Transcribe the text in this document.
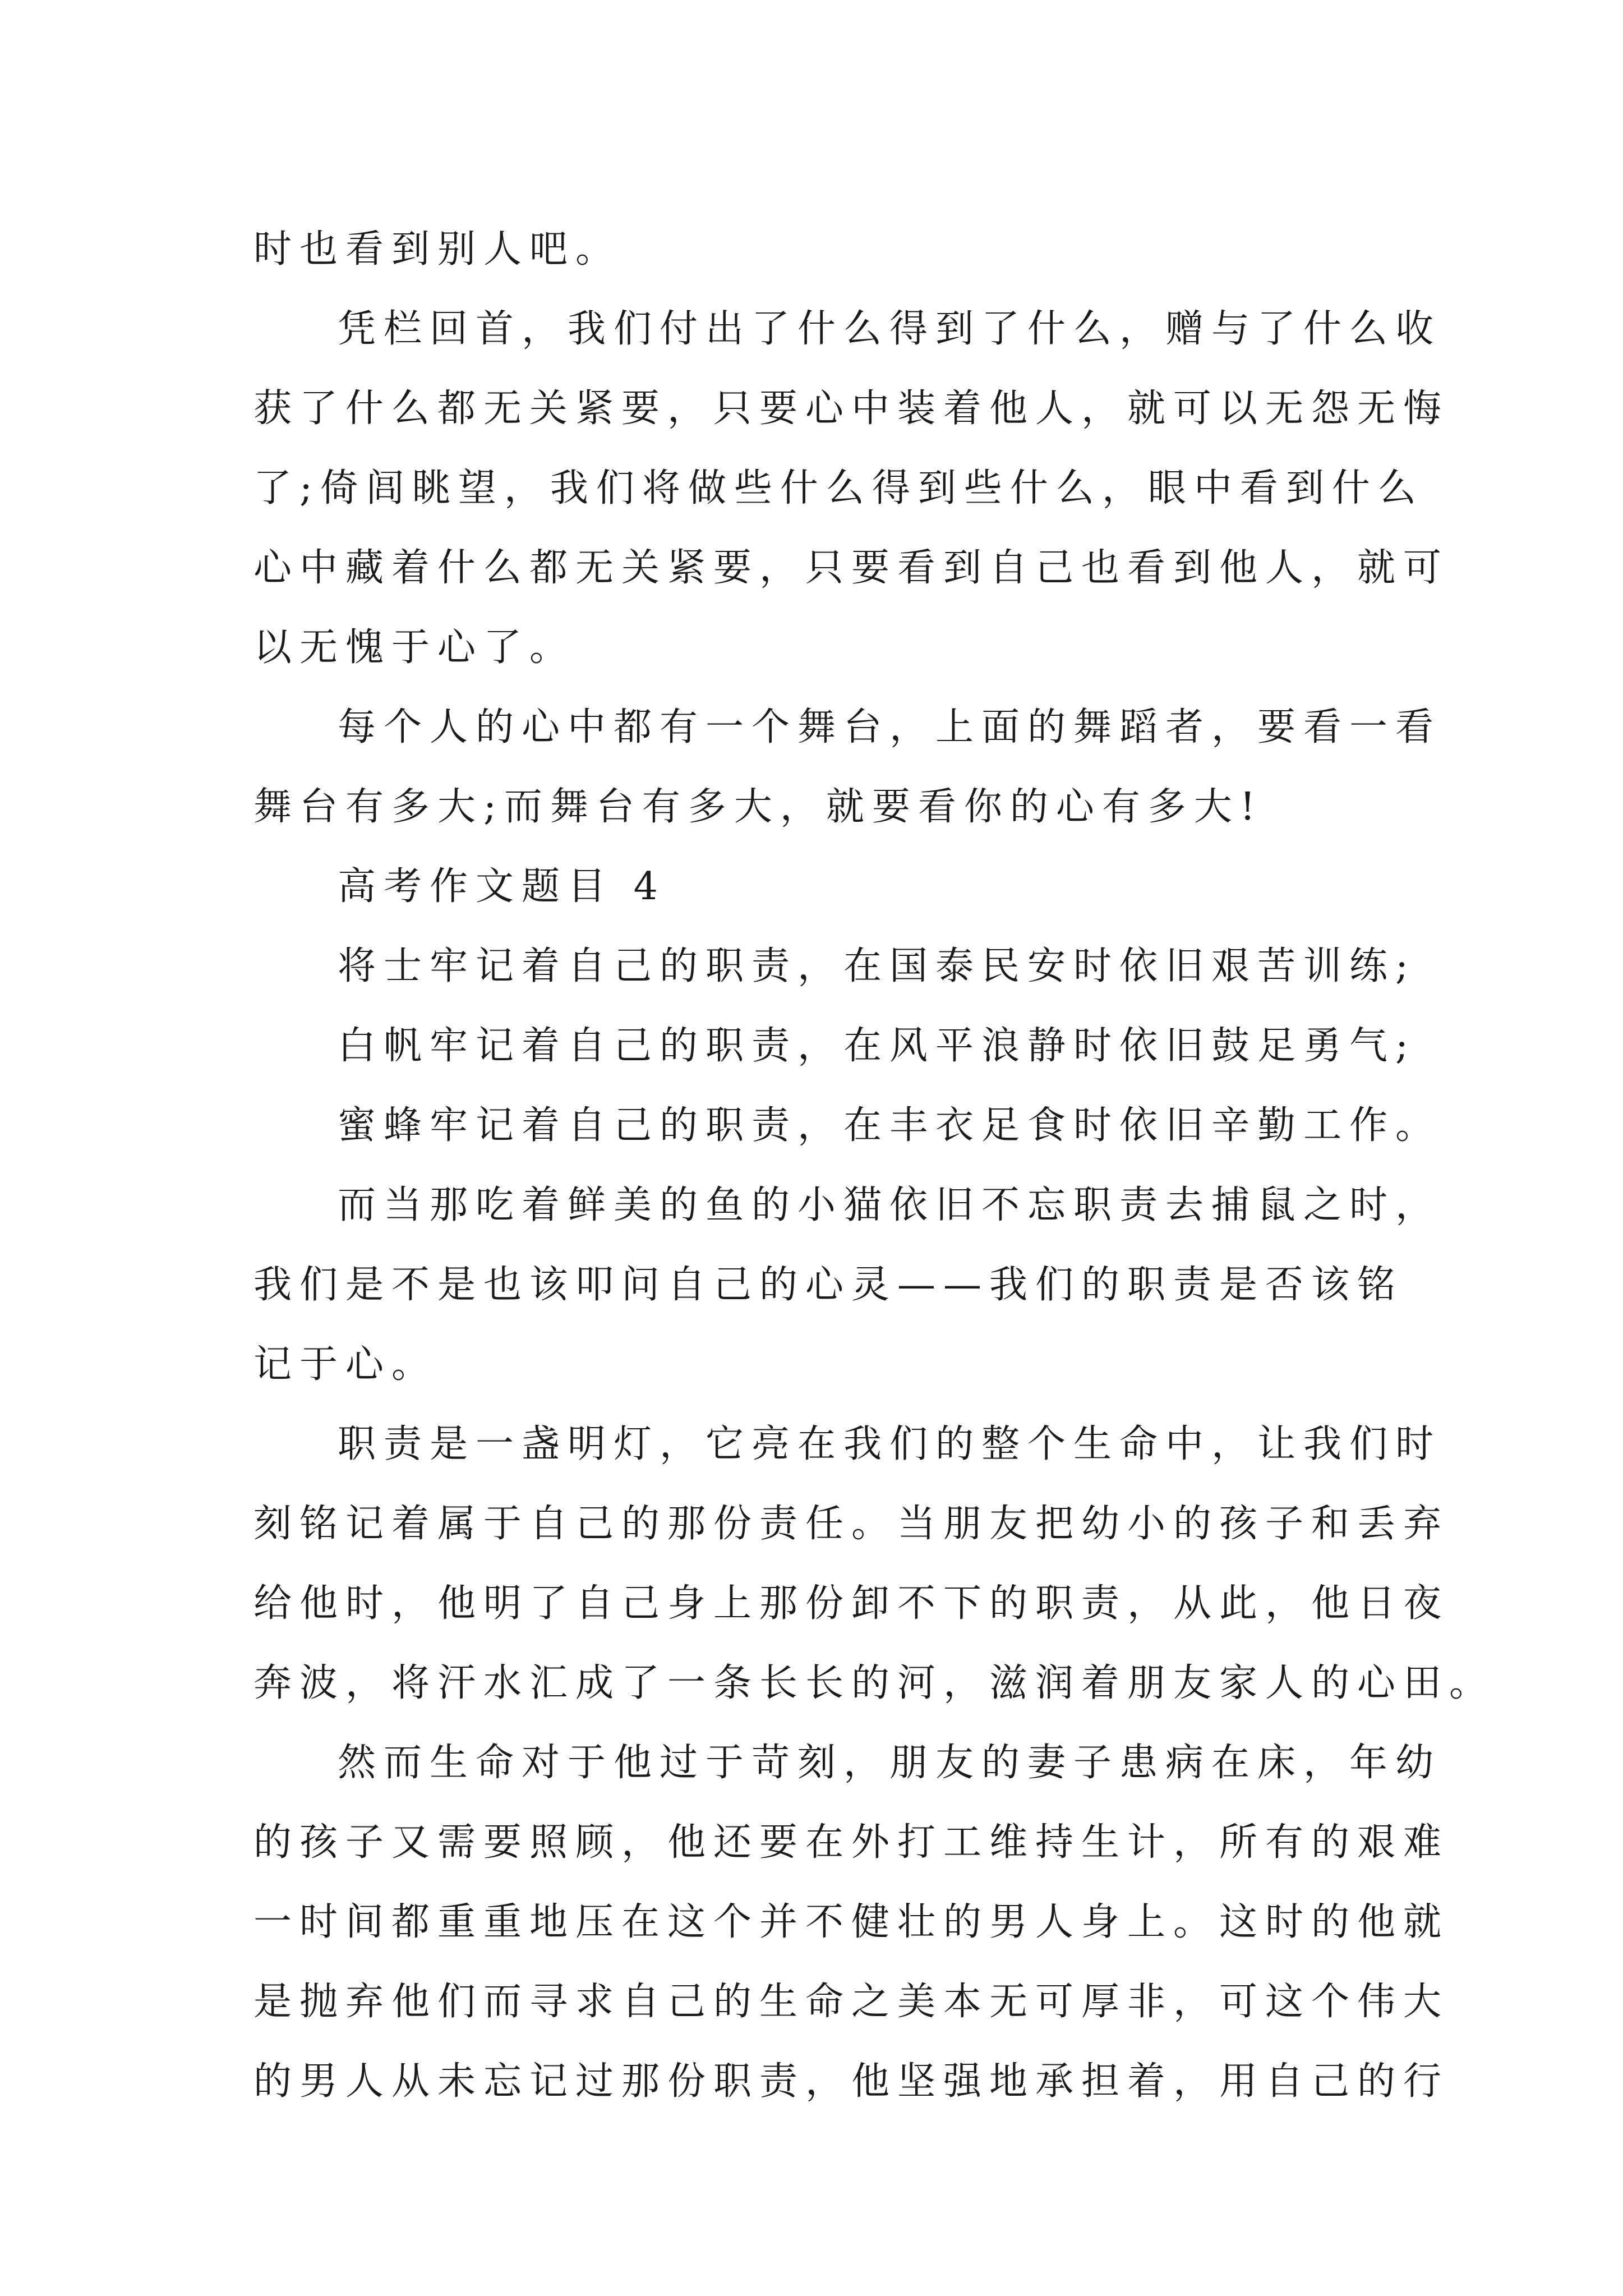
时也看到别人吧。
凭栏回首，我们付出了什么得到了什么，赠与了什么收
获了什么都无关紧要，只要心中装着他人，就可以无怨无悔
了;倚闾眺望，我们将做些什么得到些什么，眼中看到什么
心中藏着什么都无关紧要，只要看到自己也看到他人，就可
以无愧于心了。
每个人的心中都有一个舞台，上面的舞蹈者，要看一看
舞台有多大;而舞台有多大，就要看你的心有多大!
高考作文题目 4
将士牢记着自己的职责，在国泰民安时依旧艰苦训练;
白帆牢记着自己的职责，在风平浪静时依旧鼓足勇气;
蜜蜂牢记着自己的职责，在丰衣足食时依旧辛勤工作。
而当那吃着鲜美的鱼的小猫依旧不忘职责去捕鼠之时，
我们是不是也该叩问自己的心灵——我们的职责是否该铭
记于心。
职责是一盏明灯，它亮在我们的整个生命中，让我们时
刻铭记着属于自己的那份责任。当朋友把幼小的孩子和丢弃
给他时，他明了自己身上那份卸不下的职责，从此，他日夜
奔波，将汗水汇成了一条长长的河，滋润着朋友家人的心田。
然而生命对于他过于苛刻，朋友的妻子患病在床，年幼
的孩子又需要照顾，他还要在外打工维持生计，所有的艰难
一时间都重重地压在这个并不健壮的男人身上。这时的他就
是抛弃他们而寻求自己的生命之美本无可厚非，可这个伟大
的男人从未忘记过那份职责，他坚强地承担着，用自己的行
